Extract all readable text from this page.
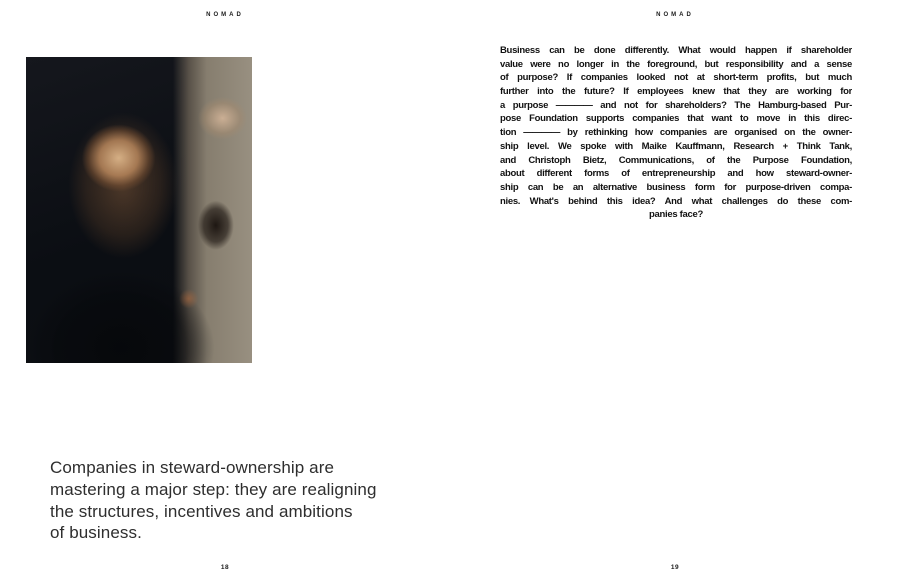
NOMAD
Companies in steward-ownership are
mastering a major step: they are realigning
the structures, incentives and ambitions
of business.
18
NOMAD
Business can be done differently. What would happen if shareholder
value were no longer in the foreground, but responsibility and a sense
of purpose? If companies looked not at short-term profits, but much
further into the future? If employees knew that they are working for
a purpose ———— and not for shareholders? The Hamburg-based Pur-
pose Foundation supports companies that want to move in this direc-
tion ———— by rethinking how companies are organised on the owner-
ship level. We spoke with Maike Kauffmann, Research + Think Tank,
and Christoph Bietz, Communications, of the Purpose Foundation,
about different forms of entrepreneurship and how steward-owner-
ship can be an alternative business form for purpose-driven compa-
nies. What's behind this idea? And what challenges do these com-
panies face?
19
